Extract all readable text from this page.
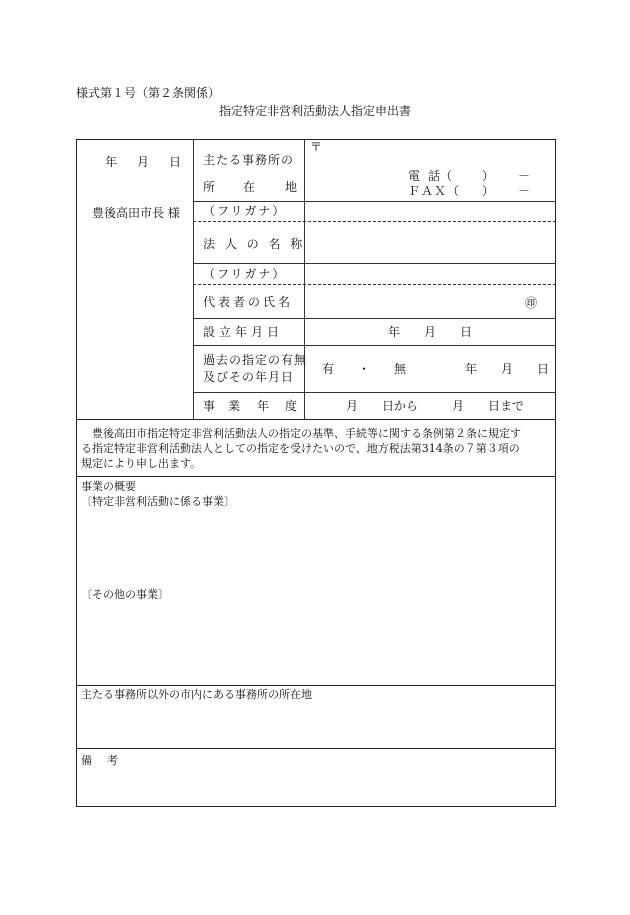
様式第１号（第２条関係）
指定特定非営利活動法人指定申出書
年 月 日
豊後高田市長 様
主たる事務所の
所 在 地
（フリガナ）
法 人 の 名 称
（フリガナ）
代表者の氏名
設立年月日
過去の指定の有無
及びその年月日
事 業 年 度
〒
電 話（ ） －
ＦＡＸ（ ） －
㊞
年 月 日
有 ・ 無	年 月 日
月 日から	月 日まで
豊後高田市指定特定非営利活動法人の指定の基準、手続等に関する条例第２条に規定す
る指定特定非営利活動法人としての指定を受けたいので、地方税法第314条の７第３項の
規定により申し出ます。
事業の概要
〔特定非営利活動に係る事業〕
〔その他の事業〕
主たる事務所以外の市内にある事務所の所在地
備 考
